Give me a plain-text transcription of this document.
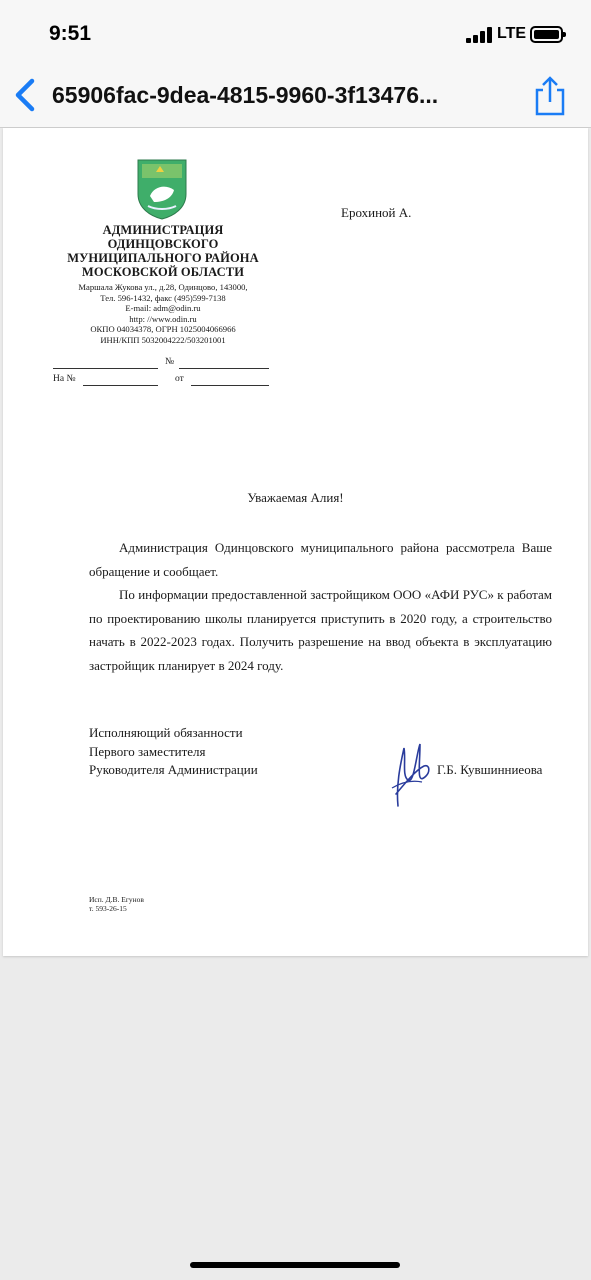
9:51	LTE
65906fac-9dea-4815-9960-3f13476...
АДМИНИСТРАЦИЯ
ОДИНЦОВСКОГО
МУНИЦИПАЛЬНОГО РАЙОНА
МОСКОВСКОЙ ОБЛАСТИ
Маршала Жукова ул., д.28, Одинцово, 143000,
Тел. 596-1432, факс (495)599-7138
E-mail: adm@odin.ru
http: //www.odin.ru
ОКПО 04034378, ОГРН 1025004066966
ИНН/КПП 5032004222/503201001
№
На №	от
Ерохиной А.
Уважаемая Алия!

Администрация Одинцовского муниципального района рассмотрела Ваше обращение и сообщает.

По информации предоставленной застройщиком ООО «АФИ РУС» к работам по проектированию школы планируется приступить в 2020 году, а строительство начать в 2022-2023 годах. Получить разрешение на ввод объекта в эксплуатацию застройщик планирует в 2024 году.

Исполняющий обязанности
Первого заместителя
Руководителя Администрации	Г.Б. Кувшинниеова
Исп. Д.В. Егунов
т. 593-26-15
